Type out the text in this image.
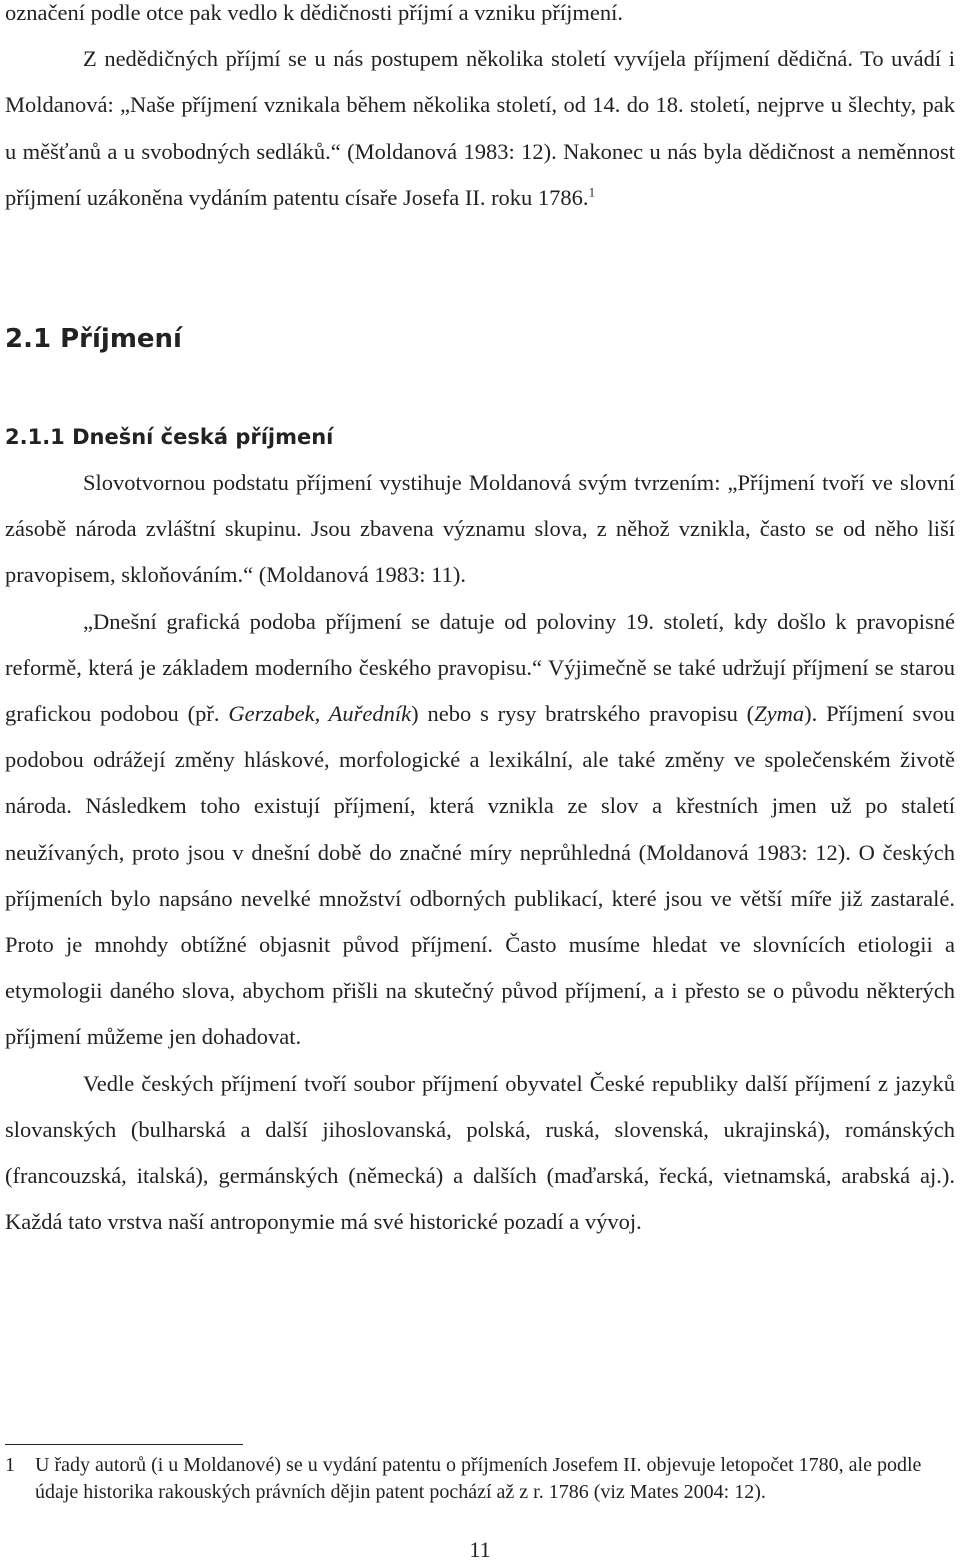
označení podle otce pak vedlo k dědičnosti příjmí a vzniku příjmení.

Z nedědičných příjmí se u nás postupem několika století vyvíjela příjmení dědičná. To uvádí i Moldanová: „Naše příjmení vznikala během několika století, od 14. do 18. století, nejprve u šlechty, pak u měšťanů a u svobodných sedláků.“ (Moldanová 1983: 12). Nakonec u nás byla dědičnost a neměnnost příjmení uzákoněna vydáním patentu císaře Josefa II. roku 1786.$^1$

2.1 Příjmení
2.1.1 Dnešní česká příjmení

Slovotvornou podstatu příjmení vystihuje Moldanová svým tvrzením: „Příjmení tvoří ve slovní zásobě národa zvláštní skupinu. Jsou zbavena významu slova, z něhož vznikla, často se od něho liší pravopisem, skloňováním.“ (Moldanová 1983: 11).

„Dnešní grafická podoba příjmení se datuje od poloviny 19. století, kdy došlo k pravopisné reformě, která je základem moderního českého pravopisu.“ Výjimečně se také udržují příjmení se starou grafickou podobou (př. Gerzabek, Auředník) nebo s rysy bratrského pravopisu (Zyma). Příjmení svou podobou odrážejí změny hláskové, morfologické a lexikální, ale také změny ve společenském životě národa. Následkem toho existují příjmení, která vznikla ze slov a křestních jmen už po staletí neužívaných, proto jsou v dnešní době do značné míry neprůhledná (Moldanová 1983: 12). O českých příjmeních bylo napsáno nevelké množství odborných publikací, které jsou ve větší míře již zastaralé. Proto je mnohdy obtížné objasnit původ příjmení. Často musíme hledat ve slovnících etiologii a etymologii daného slova, abychom přišli na skutečný původ příjmení, a i přesto se o původu některých příjmení můžeme jen dohadovat.

Vedle českých příjmení tvoří soubor příjmení obyvatel České republiky další příjmení z jazyků slovanských (bulharská a další jihoslovanská, polská, ruská, slovenská, ukrajinská), románských (francouzská, italská), germánských (německá) a dalších (maďarská, řecká, vietnamská, arabská aj.). Každá tato vrstva naší antroponymie má své historické pozadí a vývoj.

1 U řady autorů (i u Moldanové) se u vydání patentu o příjmeních Josefem II. objevuje letopočet 1780, ale podle údaje historika rakouských právních dějin patent pochází až z r. 1786 (viz Mates 2004: 12).
11
